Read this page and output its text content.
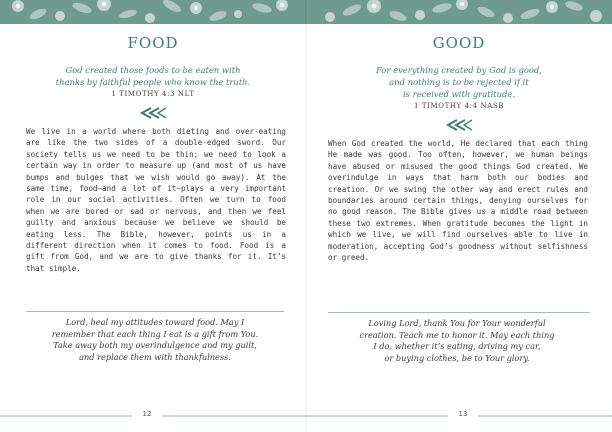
FOOD
God created those foods to be eaten with
thanks by faithful people who know the truth.
1 TIMOTHY 4:3 NLT
We live in a world where both dieting and over-eating are like the two sides of a double-edged sword. Our society tells us we need to be thin; we need to look a certain way in order to measure up (and most of us have bumps and bulges that we wish would go away). At the same time, food—and a lot of it—plays a very important role in our social activities. Often we turn to food when we are bored or sad or nervous, and then we feel guilty and anxious because we believe we should be eating less. The Bible, however, points us in a different direction when it comes to food. Food is a gift from God, and we are to give thanks for it. It’s that simple.
Lord, heal my attitudes toward food. May I
remember that each thing I eat is a gift from You.
Take away both my overindulgence and my guilt,
and replace them with thankfulness.
12
GOOD
For everything created by God is good,
and nothing is to be rejected if it
is received with gratitude.
1 TIMOTHY 4:4 NASB
When God created the world, He declared that each thing He made was good. Too often, however, we human beings have abused or misused the good things God created. We overindulge in ways that harm both our bodies and creation. Or we swing the other way and erect rules and boundaries around certain things, denying ourselves for no good reason. The Bible gives us a middle road between these two extremes. When gratitude becomes the light in which we live, we will find ourselves able to live in moderation, accepting God’s goodness without selfishness or greed.
Loving Lord, thank You for Your wonderful
creation. Teach me to honor it. May each thing
I do, whether it’s eating, driving my car,
or buying clothes, be to Your glory.
13
